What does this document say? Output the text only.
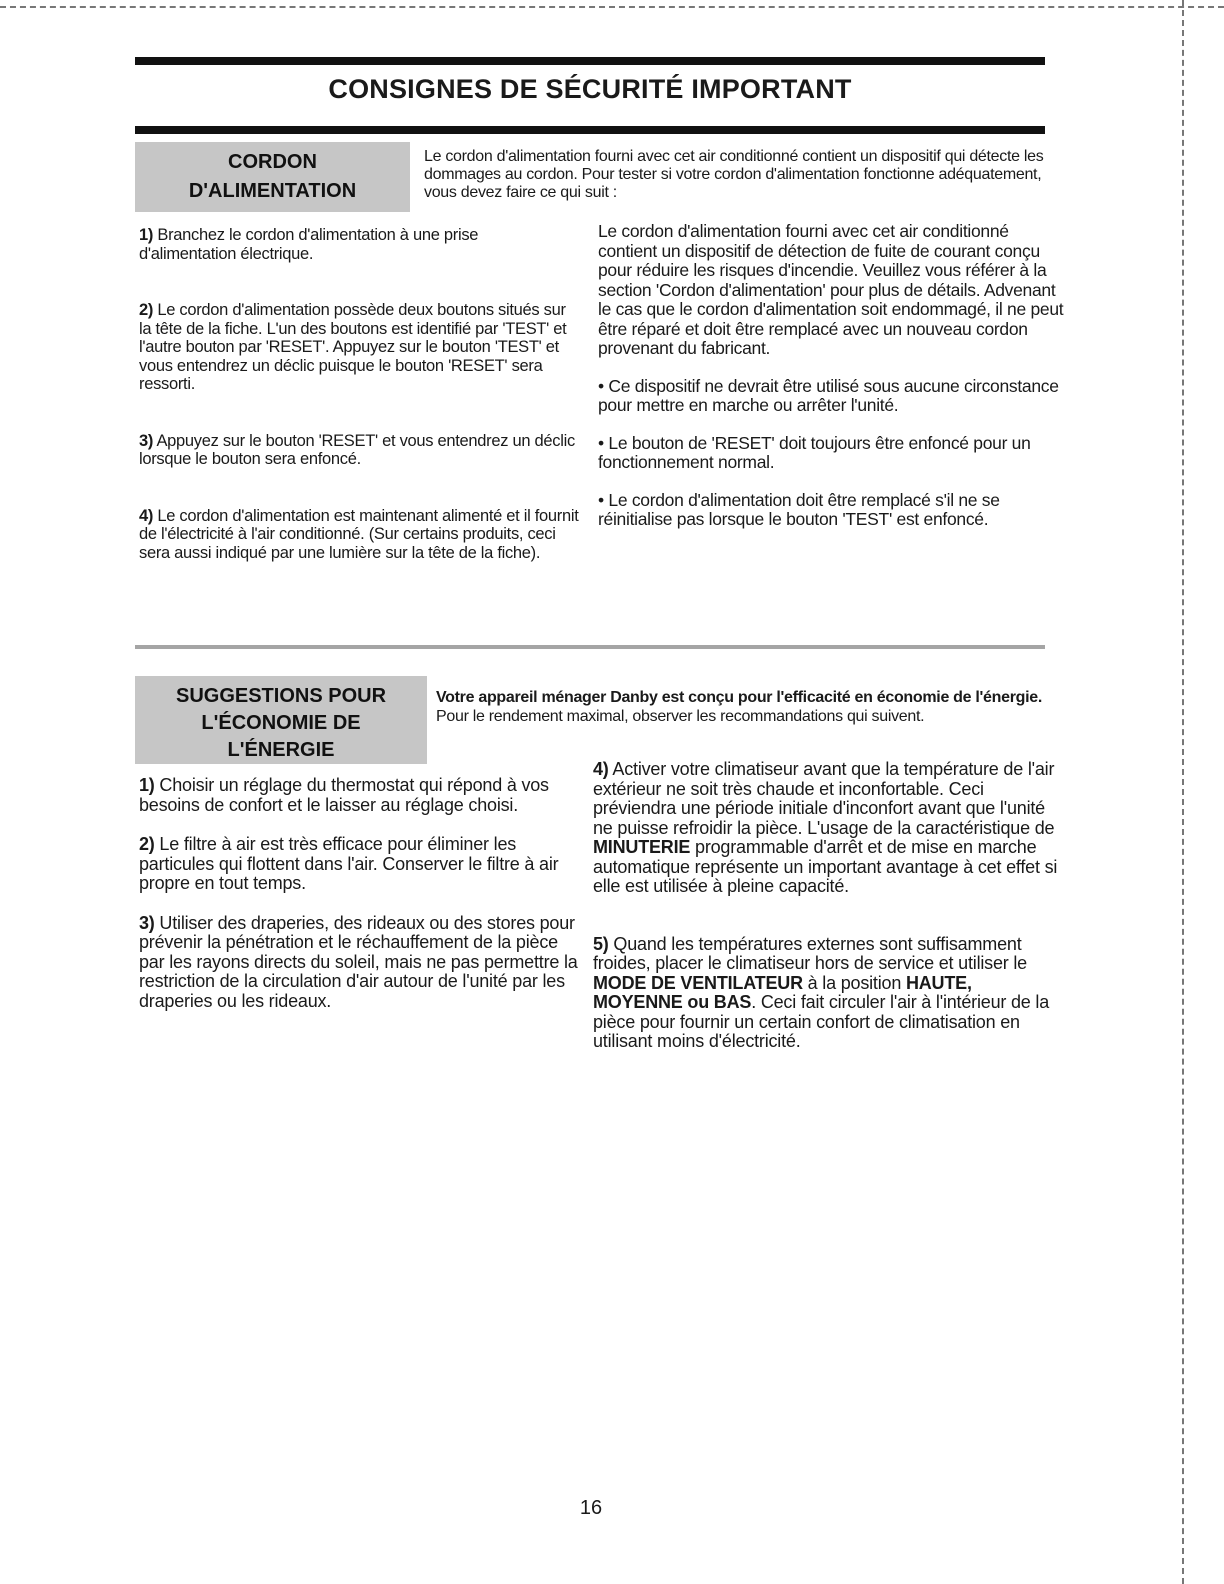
CONSIGNES DE SÉCURITÉ IMPORTANT
CORDON
D'ALIMENTATION

Le cordon d'alimentation fourni avec cet air conditionné contient un dispositif qui détecte les dommages au cordon. Pour tester si votre cordon d'alimentation fonctionne adéquatement, vous devez faire ce qui suit :

1) Branchez le cordon d'alimentation à une prise d'alimentation électrique.

2) Le cordon d'alimentation possède deux boutons situés sur la tête de la fiche. L'un des boutons est identifié par 'TEST' et l'autre bouton par 'RESET'. Appuyez sur le bouton 'TEST' et vous entendrez un déclic puisque le bouton 'RESET' sera ressorti.

3) Appuyez sur le bouton 'RESET' et vous entendrez un déclic lorsque le bouton sera enfoncé.

4) Le cordon d'alimentation est maintenant alimenté et il fournit de l'électricité à l'air conditionné. (Sur certains produits, ceci sera aussi indiqué par une lumière sur la tête de la fiche).

Le cordon d'alimentation fourni avec cet air conditionné contient un dispositif de détection de fuite de courant conçu pour réduire les risques d'incendie. Veuillez vous référer à la section 'Cordon d'alimentation' pour plus de détails. Advenant le cas que le cordon d'alimentation soit endommagé, il ne peut être réparé et doit être remplacé avec un nouveau cordon provenant du fabricant.

• Ce dispositif ne devrait être utilisé sous aucune circonstance pour mettre en marche ou arrêter l'unité.

• Le bouton de 'RESET' doit toujours être enfoncé pour un fonctionnement normal.

• Le cordon d'alimentation doit être remplacé s'il ne se réinitialise pas lorsque le bouton 'TEST' est enfoncé.

SUGGESTIONS POUR
L'ÉCONOMIE DE
L'ÉNERGIE

Votre appareil ménager Danby est conçu pour l'efficacité en économie de l'énergie. Pour le rendement maximal, observer les recommandations qui suivent.

1) Choisir un réglage du thermostat qui répond à vos besoins de confort et le laisser au réglage choisi.

2) Le filtre à air est très efficace pour éliminer les particules qui flottent dans l'air. Conserver le filtre à air propre en tout temps.

3) Utiliser des draperies, des rideaux ou des stores pour prévenir la pénétration et le réchauffement de la pièce par les rayons directs du soleil, mais ne pas permettre la restriction de la circulation d'air autour de l'unité par les draperies ou les rideaux.

4) Activer votre climatiseur avant que la température de l'air extérieur ne soit très chaude et inconfortable. Ceci préviendra une période initiale d'inconfort avant que l'unité ne puisse refroidir la pièce. L'usage de la caractéristique de MINUTERIE programmable d'arrêt et de mise en marche automatique représente un important avantage à cet effet si elle est utilisée à pleine capacité.

5) Quand les températures externes sont suffisamment froides, placer le climatiseur hors de service et utiliser le MODE DE VENTILATEUR à la position HAUTE, MOYENNE ou BAS. Ceci fait circuler l'air à l'intérieur de la pièce pour fournir un certain confort de climatisation en utilisant moins d'électricité.

16
